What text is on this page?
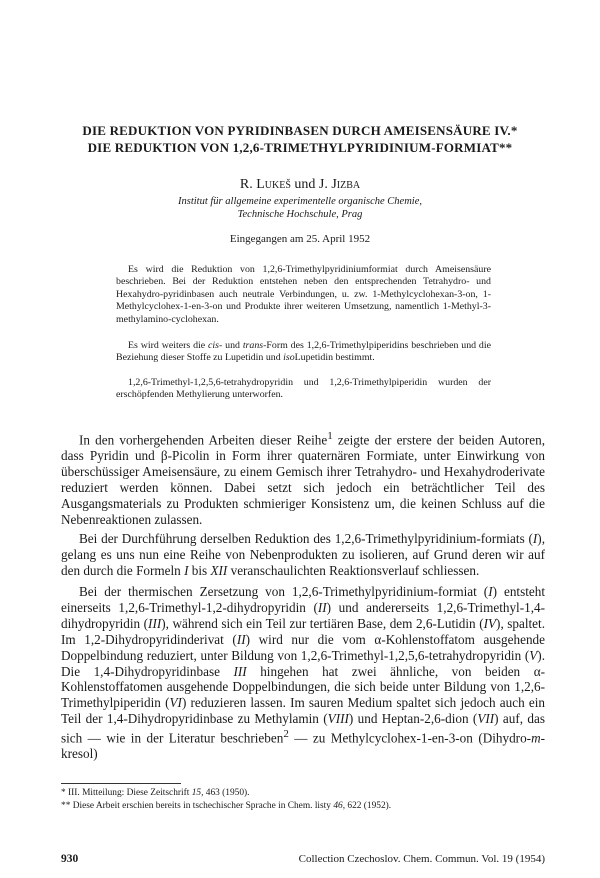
DIE REDUKTION VON PYRIDINBASEN DURCH AMEISENSÄURE IV.*
DIE REDUKTION VON 1,2,6-TRIMETHYLPYRIDINIUM-FORMIAT**
R. Lukeš und J. Jizba
Institut für allgemeine experimentelle organische Chemie,
Technische Hochschule, Prag
Eingegangen am 25. April 1952

Es wird die Reduktion von 1,2,6-Trimethylpyridiniumformiat durch Ameisensäure beschrieben. Bei der Reduktion entstehen neben den entsprechenden Tetrahydro- und Hexahydro-pyridinbasen auch neutrale Verbindungen, u. zw. 1-Methylcyclohexan-3-on, 1-Methylcyclohex-1-en-3-on und Produkte ihrer weiteren Umsetzung, namentlich 1-Methyl-3-methylamino-cyclohexan.

Es wird weiters die cis- und trans-Form des 1,2,6-Trimethylpiperidins beschrieben und die Beziehung dieser Stoffe zu Lupetidin und isoLupetidin bestimmt.

1,2,6-Trimethyl-1,2,5,6-tetrahydropyridin und 1,2,6-Trimethylpiperidin wurden der erschöpfenden Methylierung unterworfen.

In den vorhergehenden Arbeiten dieser Reihe$^1$ zeigte der erstere der beiden Autoren, dass Pyridin und β-Picolin in Form ihrer quaternären Formiate, unter Einwirkung von überschüssiger Ameisensäure, zu einem Gemisch ihrer Tetrahydro- und Hexahydroderivate reduziert werden können. Dabei setzt sich jedoch ein beträchtlicher Teil des Ausgangsmaterials zu Produkten schmieriger Konsistenz um, die keinen Schluss auf die Nebenreaktionen zulassen.

Bei der Durchführung derselben Reduktion des 1,2,6-Trimethylpyridinium-formiats (I), gelang es uns nun eine Reihe von Nebenprodukten zu isolieren, auf Grund deren wir auf den durch die Formeln I bis XII veranschaulichten Reaktionsverlauf schliessen.

Bei der thermischen Zersetzung von 1,2,6-Trimethylpyridinium-formiat (I) entsteht einerseits 1,2,6-Trimethyl-1,2-dihydropyridin (II) und andererseits 1,2,6-Trimethyl-1,4-dihydropyridin (III), während sich ein Teil zur tertiären Base, dem 2,6-Lutidin (IV), spaltet. Im 1,2-Dihydropyridinderivat (II) wird nur die vom α-Kohlenstoffatom ausgehende Doppelbindung reduziert, unter Bildung von 1,2,6-Trimethyl-1,2,5,6-tetrahydropyridin (V). Die 1,4-Dihydropyridinbase III hingehen hat zwei ähnliche, von beiden α-Kohlenstoffatomen ausgehende Doppelbindungen, die sich beide unter Bildung von 1,2,6-Trimethylpiperidin (VI) reduzieren lassen. Im sauren Medium spaltet sich jedoch auch ein Teil der 1,4-Dihydropyridinbase zu Methylamin (VIII) und Heptan-2,6-dion (VII) auf, das sich — wie in der Literatur beschrieben$^2$ — zu Methylcyclohex-1-en-3-on (Dihydro-m-kresol)

* III. Mitteilung: Diese Zeitschrift 15, 463 (1950).
** Diese Arbeit erschien bereits in tschechischer Sprache in Chem. listy 46, 622 (1952).
930	Collection Czechoslov. Chem. Commun. Vol. 19 (1954)
